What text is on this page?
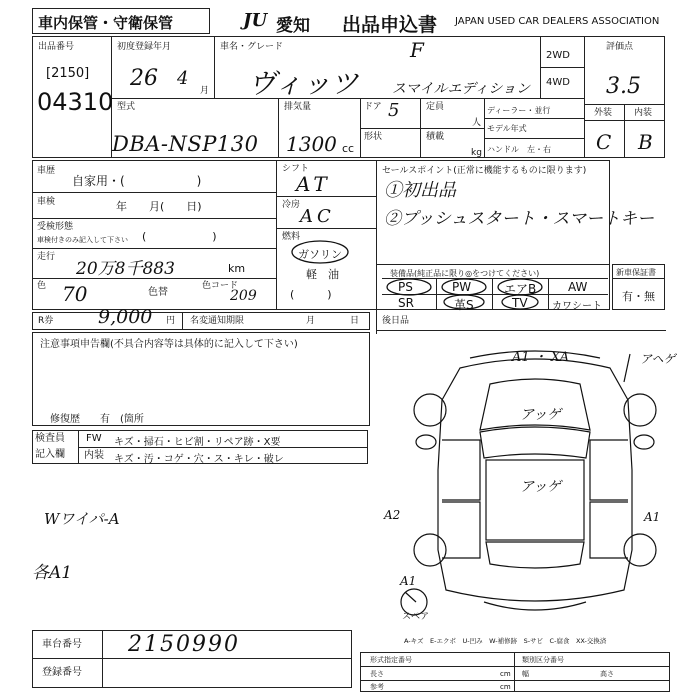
車内保管・守衛保管	JU 愛知 出品申込書 JAPAN USED CAR DEALERS ASSOCIATION
出品番号
[2150]
04310
初度登録年月
26 4
月
車名・グレード	F
ヴィッツ スマイルエディション
2WD
4WD
評価点
3.5
外装 内装
C B
型式
DBA-NSP130
排気量
1300 cc
ドア 5	定員
人
形状	積載
kg
ディーラー・並行
モデル年式
ハンドル　左・右
車歴
自家用・(　　　　　　)
車検	年　　月(　　日)
受検形態
車検付きのみ記入して下さい (　　　　　　)
走行
20万8千883	km
色 70	色替
色コード
209
シフト
AT
冷房
AC
燃料
ガソリン
軽　油
(　　　)
セールスポイント(正常に機能するものに限ります)
①初出品
②プッシュスタート・スマートキー
装備品(純正品に限り◎をつけてください)
PS	PW	エアB	AW
SR	革S	TV カワシート
新車保証書
有・無
R券 9,000 円 名変通知期限	月	日	後日品
注意事項申告欄(不具合内容等は具体的に記入して下さい)
修復歴　　有　(箇所
検査員
記入欄
FW キズ・掃石・ヒビ割・リペア跡・X要
内装 キズ・汚・コゲ・穴・ス・キレ・破レ
Wワイパ-A
各A1
A1 ・ XA	アヘゲ
アッゲ
アッゲ
A2	A1
A1
スペア
A-キズ　E-エクボ　U-凹み　W-補修跡　S-サビ　C-腐食　XX-交換済
車台番号 2150990
登録番号
形式指定番号	類別区分番号
長さ	cm 幅	高さ
参考	cm
